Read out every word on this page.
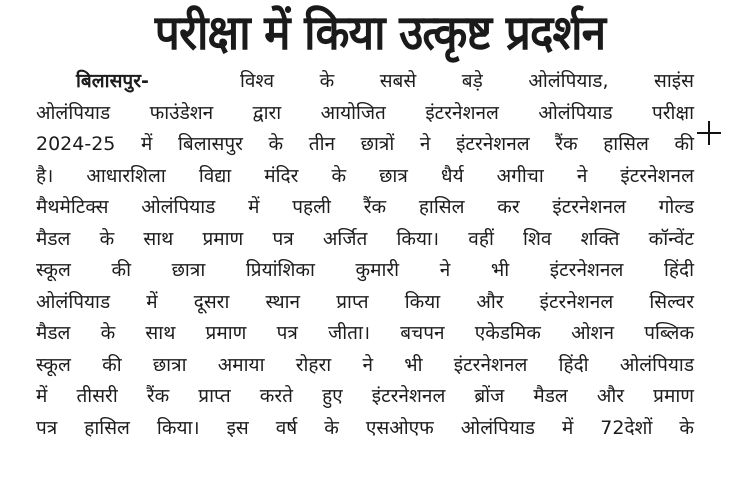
परीक्षा में किया उत्कृष्ट प्रदर्शन
बिलासपुर-	विश्व के सबसे बड़े ओलंपियाड, साइंस
ओलंपियाड फाउंडेशन द्वारा आयोजित इंटरनेशनल ओलंपियाड परीक्षा
2024-25 में बिलासपुर के तीन छात्रों ने इंटरनेशनल रैंक हासिल की
है। आधारशिला विद्या मंदिर के छात्र धैर्य अगीचा ने इंटरनेशनल
मैथमेटिक्स ओलंपियाड में पहली रैंक हासिल कर इंटरनेशनल गोल्ड
मैडल के साथ प्रमाण पत्र अर्जित किया। वहीं शिव शक्ति कॉन्वेंट
स्कूल की छात्रा प्रियांशिका कुमारी ने भी इंटरनेशनल हिंदी
ओलंपियाड में दूसरा स्थान प्राप्त किया और इंटरनेशनल सिल्वर
मैडल के साथ प्रमाण पत्र जीता। बचपन एकेडमिक ओशन पब्लिक
स्कूल की छात्रा अमाया रोहरा ने भी इंटरनेशनल हिंदी ओलंपियाड
में तीसरी रैंक प्राप्त करते हुए इंटरनेशनल ब्रोंज मैडल और प्रमाण
पत्र हासिल किया। इस वर्ष के एसओएफ ओलंपियाड में 72देशों के
